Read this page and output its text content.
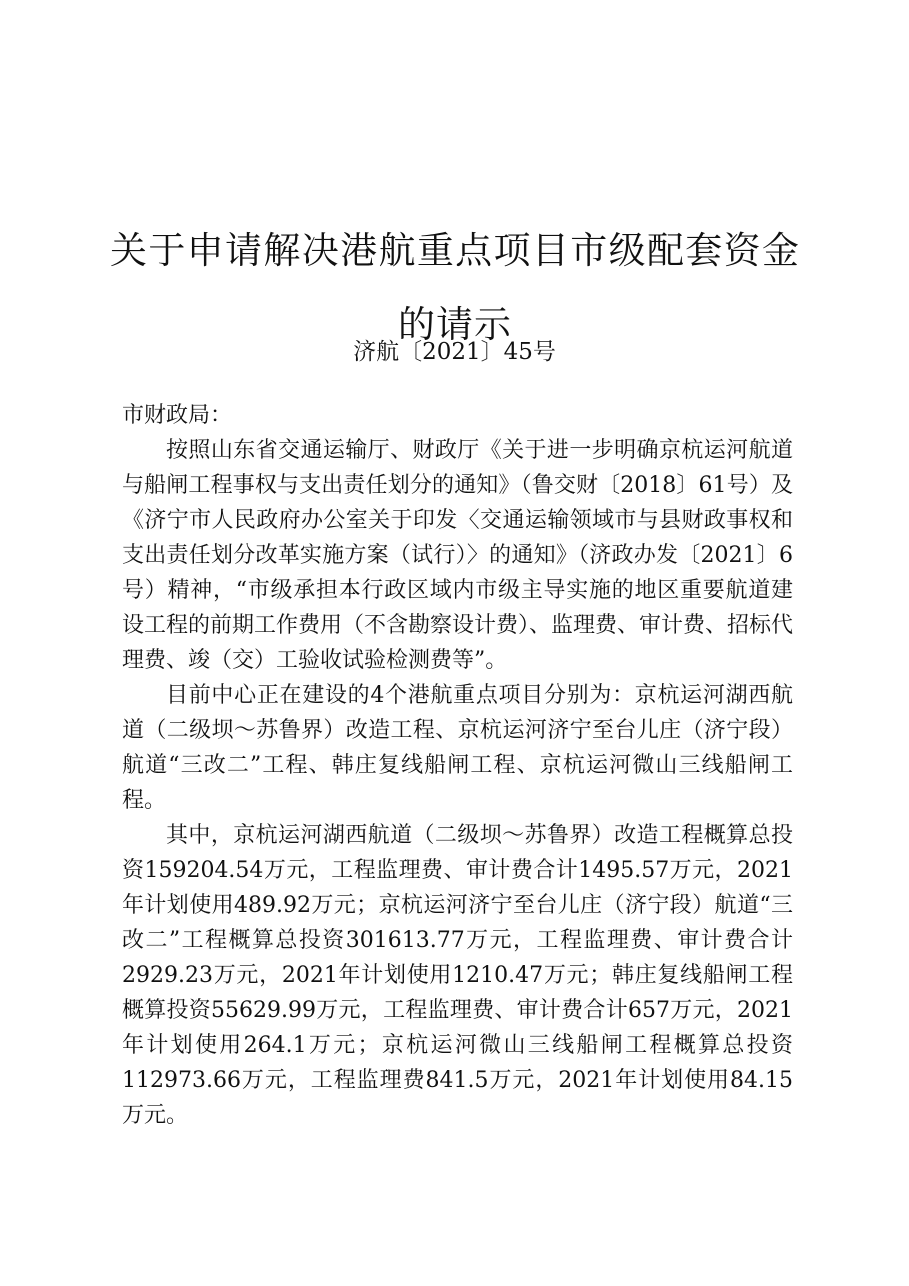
关于申请解决港航重点项目市级配套资金的请示

济航〔2021〕45号

市财政局：

按照山东省交通运输厅、财政厅《关于进一步明确京杭运河航道与船闸工程事权与支出责任划分的通知》（鲁交财〔2018〕61号）及《济宁市人民政府办公室关于印发〈交通运输领域市与县财政事权和支出责任划分改革实施方案（试行）〉的通知》（济政办发〔2021〕6号）精神，“市级承担本行政区域内市级主导实施的地区重要航道建设工程的前期工作费用（不含勘察设计费）、监理费、审计费、招标代理费、竣（交）工验收试验检测费等”。

目前中心正在建设的4个港航重点项目分别为：京杭运河湖西航道（二级坝～苏鲁界）改造工程、京杭运河济宁至台儿庄（济宁段）航道“三改二”工程、韩庄复线船闸工程、京杭运河微山三线船闸工程。

其中，京杭运河湖西航道（二级坝～苏鲁界）改造工程概算总投资159204.54万元，工程监理费、审计费合计1495.57万元，2021年计划使用489.92万元；京杭运河济宁至台儿庄（济宁段）航道“三改二”工程概算总投资301613.77万元，工程监理费、审计费合计2929.23万元，2021年计划使用1210.47万元；韩庄复线船闸工程概算投资55629.99万元，工程监理费、审计费合计657万元，2021年计划使用264.1万元；京杭运河微山三线船闸工程概算总投资112973.66万元，工程监理费841.5万元，2021年计划使用84.15万元。
